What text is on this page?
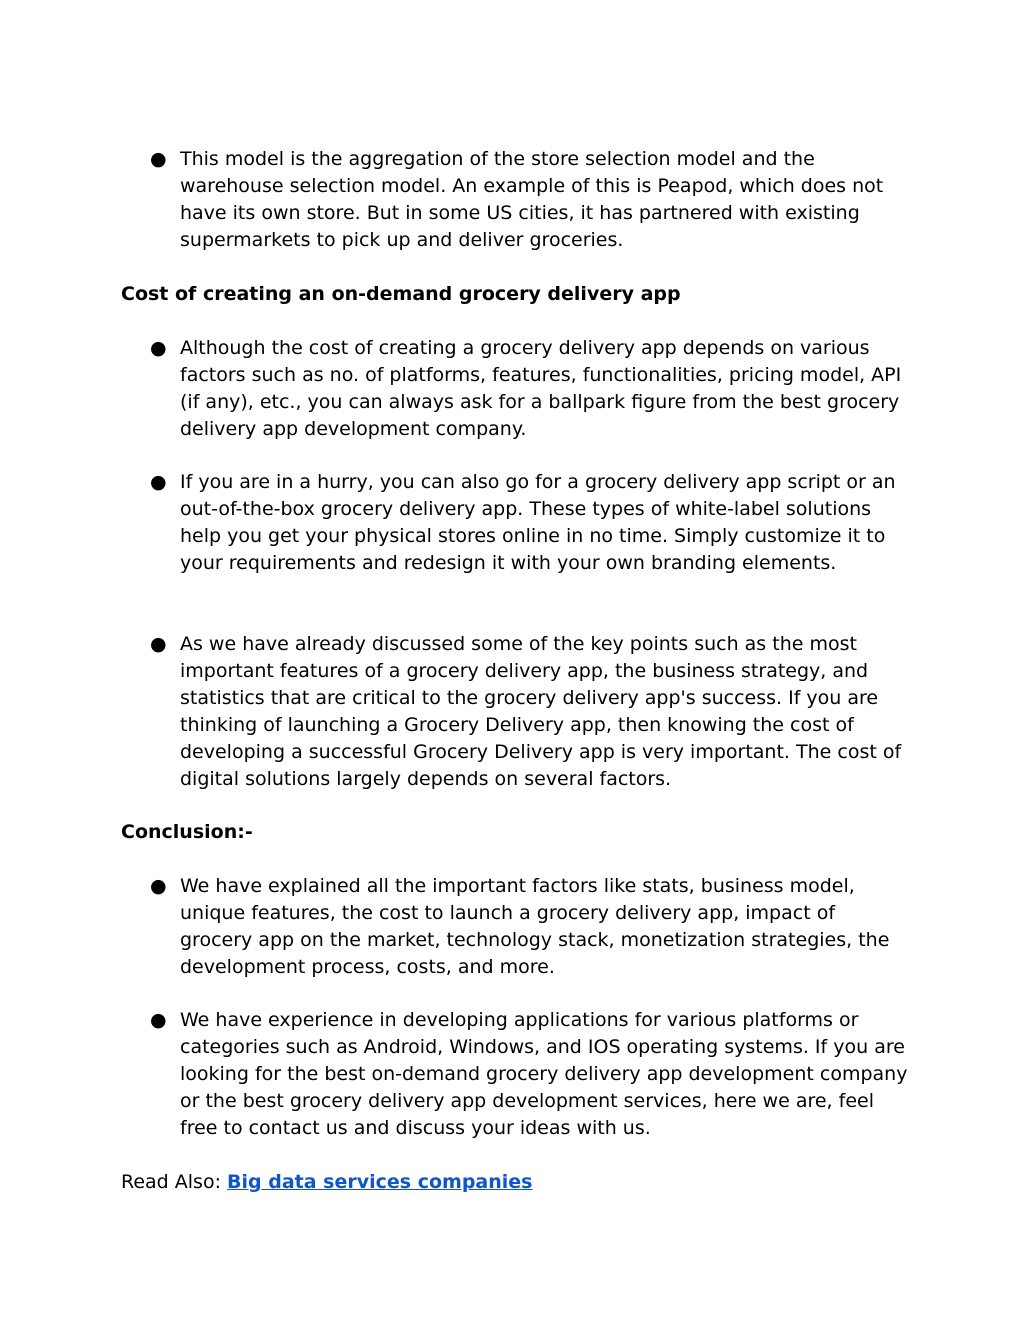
● This model is the aggregation of the store selection model and the warehouse selection model. An example of this is Peapod, which does not have its own store. But in some US cities, it has partnered with existing supermarkets to pick up and deliver groceries.

Cost of creating an on-demand grocery delivery app
● Although the cost of creating a grocery delivery app depends on various factors such as no. of platforms, features, functionalities, pricing model, API (if any), etc., you can always ask for a ballpark figure from the best grocery delivery app development company.

● If you are in a hurry, you can also go for a grocery delivery app script or an out-of-the-box grocery delivery app. These types of white-label solutions help you get your physical stores online in no time. Simply customize it to your requirements and redesign it with your own branding elements.

● As we have already discussed some of the key points such as the most important features of a grocery delivery app, the business strategy, and statistics that are critical to the grocery delivery app's success. If you are thinking of launching a Grocery Delivery app, then knowing the cost of developing a successful Grocery Delivery app is very important. The cost of digital solutions largely depends on several factors.

Conclusion:-
● We have explained all the important factors like stats, business model, unique features, the cost to launch a grocery delivery app, impact of grocery app on the market, technology stack, monetization strategies, the development process, costs, and more.

● We have experience in developing applications for various platforms or categories such as Android, Windows, and IOS operating systems. If you are looking for the best on-demand grocery delivery app development company or the best grocery delivery app development services, here we are, feel free to contact us and discuss your ideas with us.

Read Also: Big data services companies
